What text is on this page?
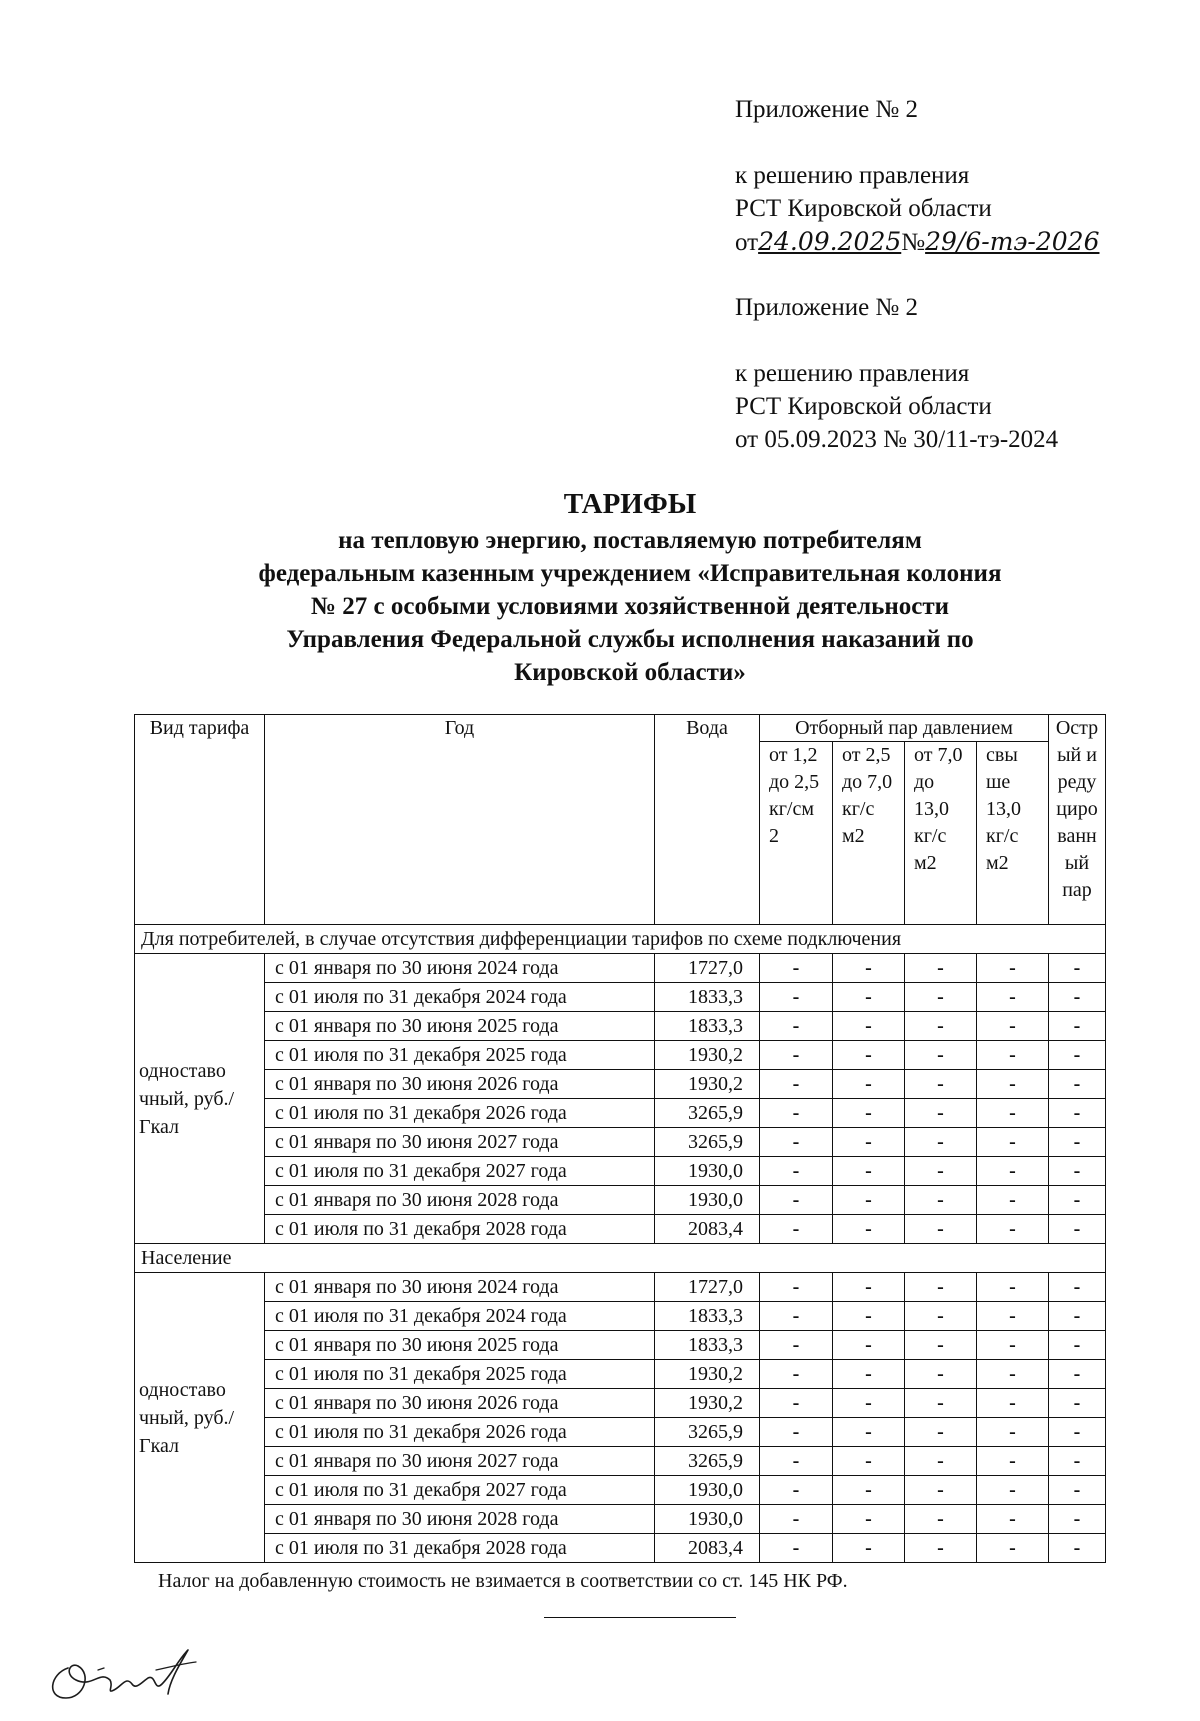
Приложение № 2
к решению правления
РСТ Кировской области
от24.09.2025№29/6-тэ-2026
Приложение № 2
к решению правления
РСТ Кировской области
от 05.09.2023 № 30/11-тэ-2024
ТАРИФЫ
на тепловую энергию, поставляемую потребителям
федеральным казенным учреждением «Исправительная колония
№ 27 с особыми условиями хозяйственной деятельности
Управления Федеральной службы исполнения наказаний по
Кировской области»
Вид тарифа	Год	Вода	Отборный пар давлением				Остр ый и реду циро ванн ый пар
			от 1,2 до 2,5 кг/см 2	от 2,5 до 7,0 кг/с м2	от 7,0 до 13,0 кг/с м2	свы ше 13,0 кг/с м2	
Для потребителей, в случае отсутствия дифференциации тарифов по схеме подключения							
одноставо чный, руб./Гкал	с 01 января по 30 июня 2024 года	1727,0	-	-	-	-	-
	с 01 июля по 31 декабря 2024 года	1833,3	-	-	-	-	-
	с 01 января по 30 июня 2025 года	1833,3	-	-	-	-	-
	с 01 июля по 31 декабря 2025 года	1930,2	-	-	-	-	-
	с 01 января по 30 июня 2026 года	1930,2	-	-	-	-	-
	с 01 июля по 31 декабря 2026 года	3265,9	-	-	-	-	-
	с 01 января по 30 июня 2027 года	3265,9	-	-	-	-	-
	с 01 июля по 31 декабря 2027 года	1930,0	-	-	-	-	-
	с 01 января по 30 июня 2028 года	1930,0	-	-	-	-	-
	с 01 июля по 31 декабря 2028 года	2083,4	-	-	-	-	-
Население							
одноставо чный, руб./Гкал	с 01 января по 30 июня 2024 года	1727,0	-	-	-	-	-
	с 01 июля по 31 декабря 2024 года	1833,3	-	-	-	-	-
	с 01 января по 30 июня 2025 года	1833,3	-	-	-	-	-
	с 01 июля по 31 декабря 2025 года	1930,2	-	-	-	-	-
	с 01 января по 30 июня 2026 года	1930,2	-	-	-	-	-
	с 01 июля по 31 декабря 2026 года	3265,9	-	-	-	-	-
	с 01 января по 30 июня 2027 года	3265,9	-	-	-	-	-
	с 01 июля по 31 декабря 2027 года	1930,0	-	-	-	-	-
	с 01 января по 30 июня 2028 года	1930,0	-	-	-	-	-
	с 01 июля по 31 декабря 2028 года	2083,4	-	-	-	-	-
Налог на добавленную стоимость не взимается в соответствии со ст. 145 НК РФ.
